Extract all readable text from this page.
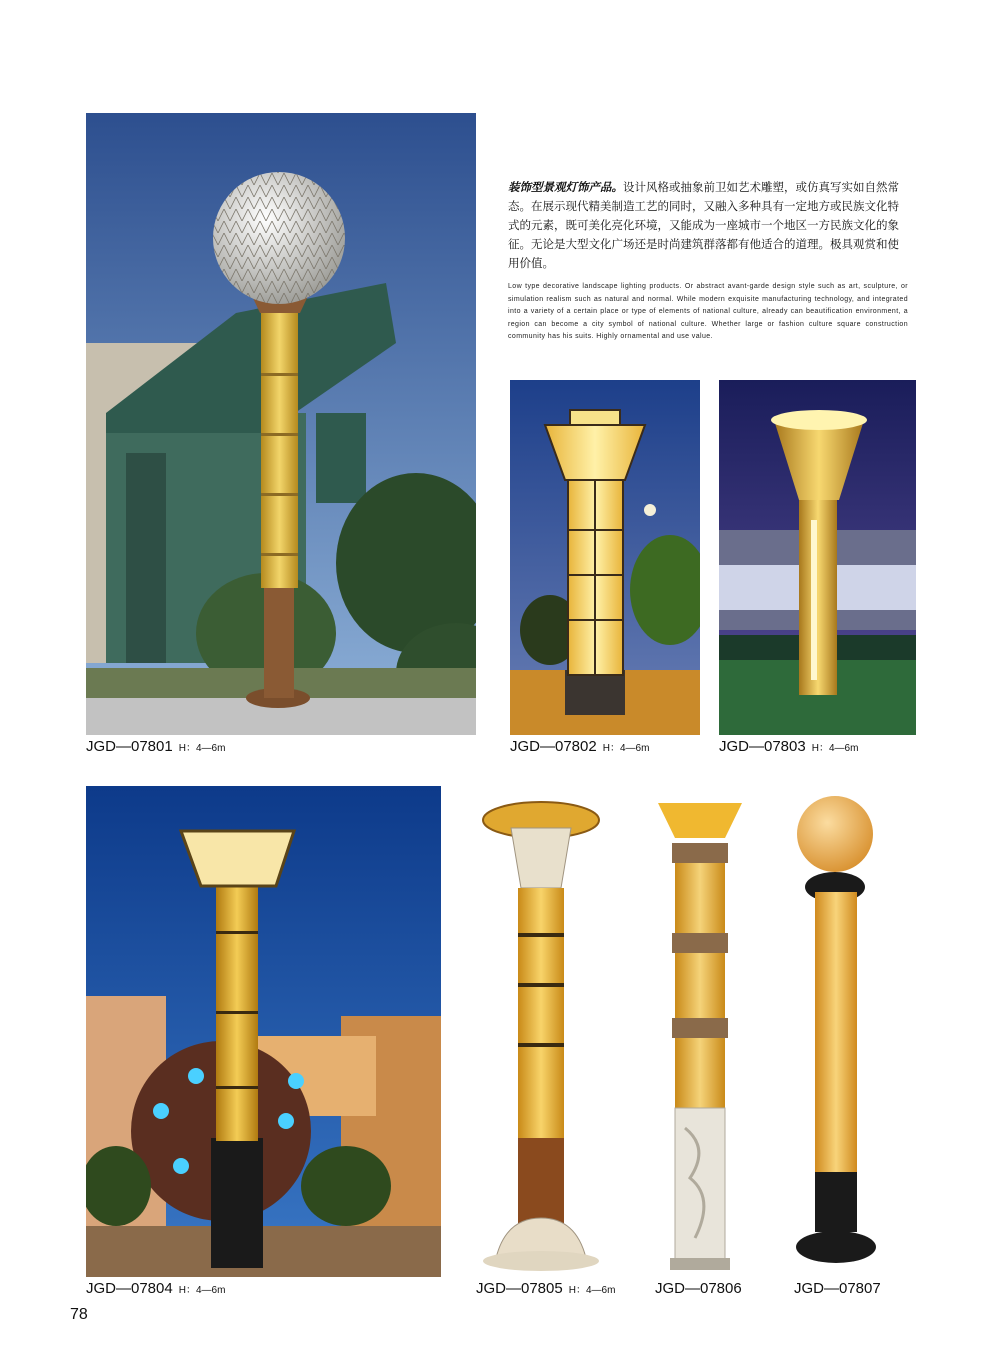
JGD—07801 H：4—6m
装饰型景观灯饰产品。设计风格或抽象前卫如艺术雕塑，或仿真写实如自然常态。在展示现代精美制造工艺的同时，又融入多种具有一定地方或民族文化特式的元素，既可美化亮化环境，又能成为一座城市一个地区一方民族文化的象征。无论是大型文化广场还是时尚建筑群落都有他适合的道理。极具观赏和使用价值。
Low type decorative landscape lighting products. Or abstract avant-garde design style such as art, sculpture, or simulation realism such as natural and normal. While modern exquisite manufacturing technology, and integrated into a variety of a certain place or type of elements of national culture, already can beautification environment, a region can become a city symbol of national culture. Whether large or fashion culture square construction community has his suits. Highly ornamental and use value.
JGD—07802 H：4—6m	JGD—07803 H：4—6m
JGD—07804 H：4—6m	JGD—07805 H：4—6m	JGD—07806	JGD—07807
78
